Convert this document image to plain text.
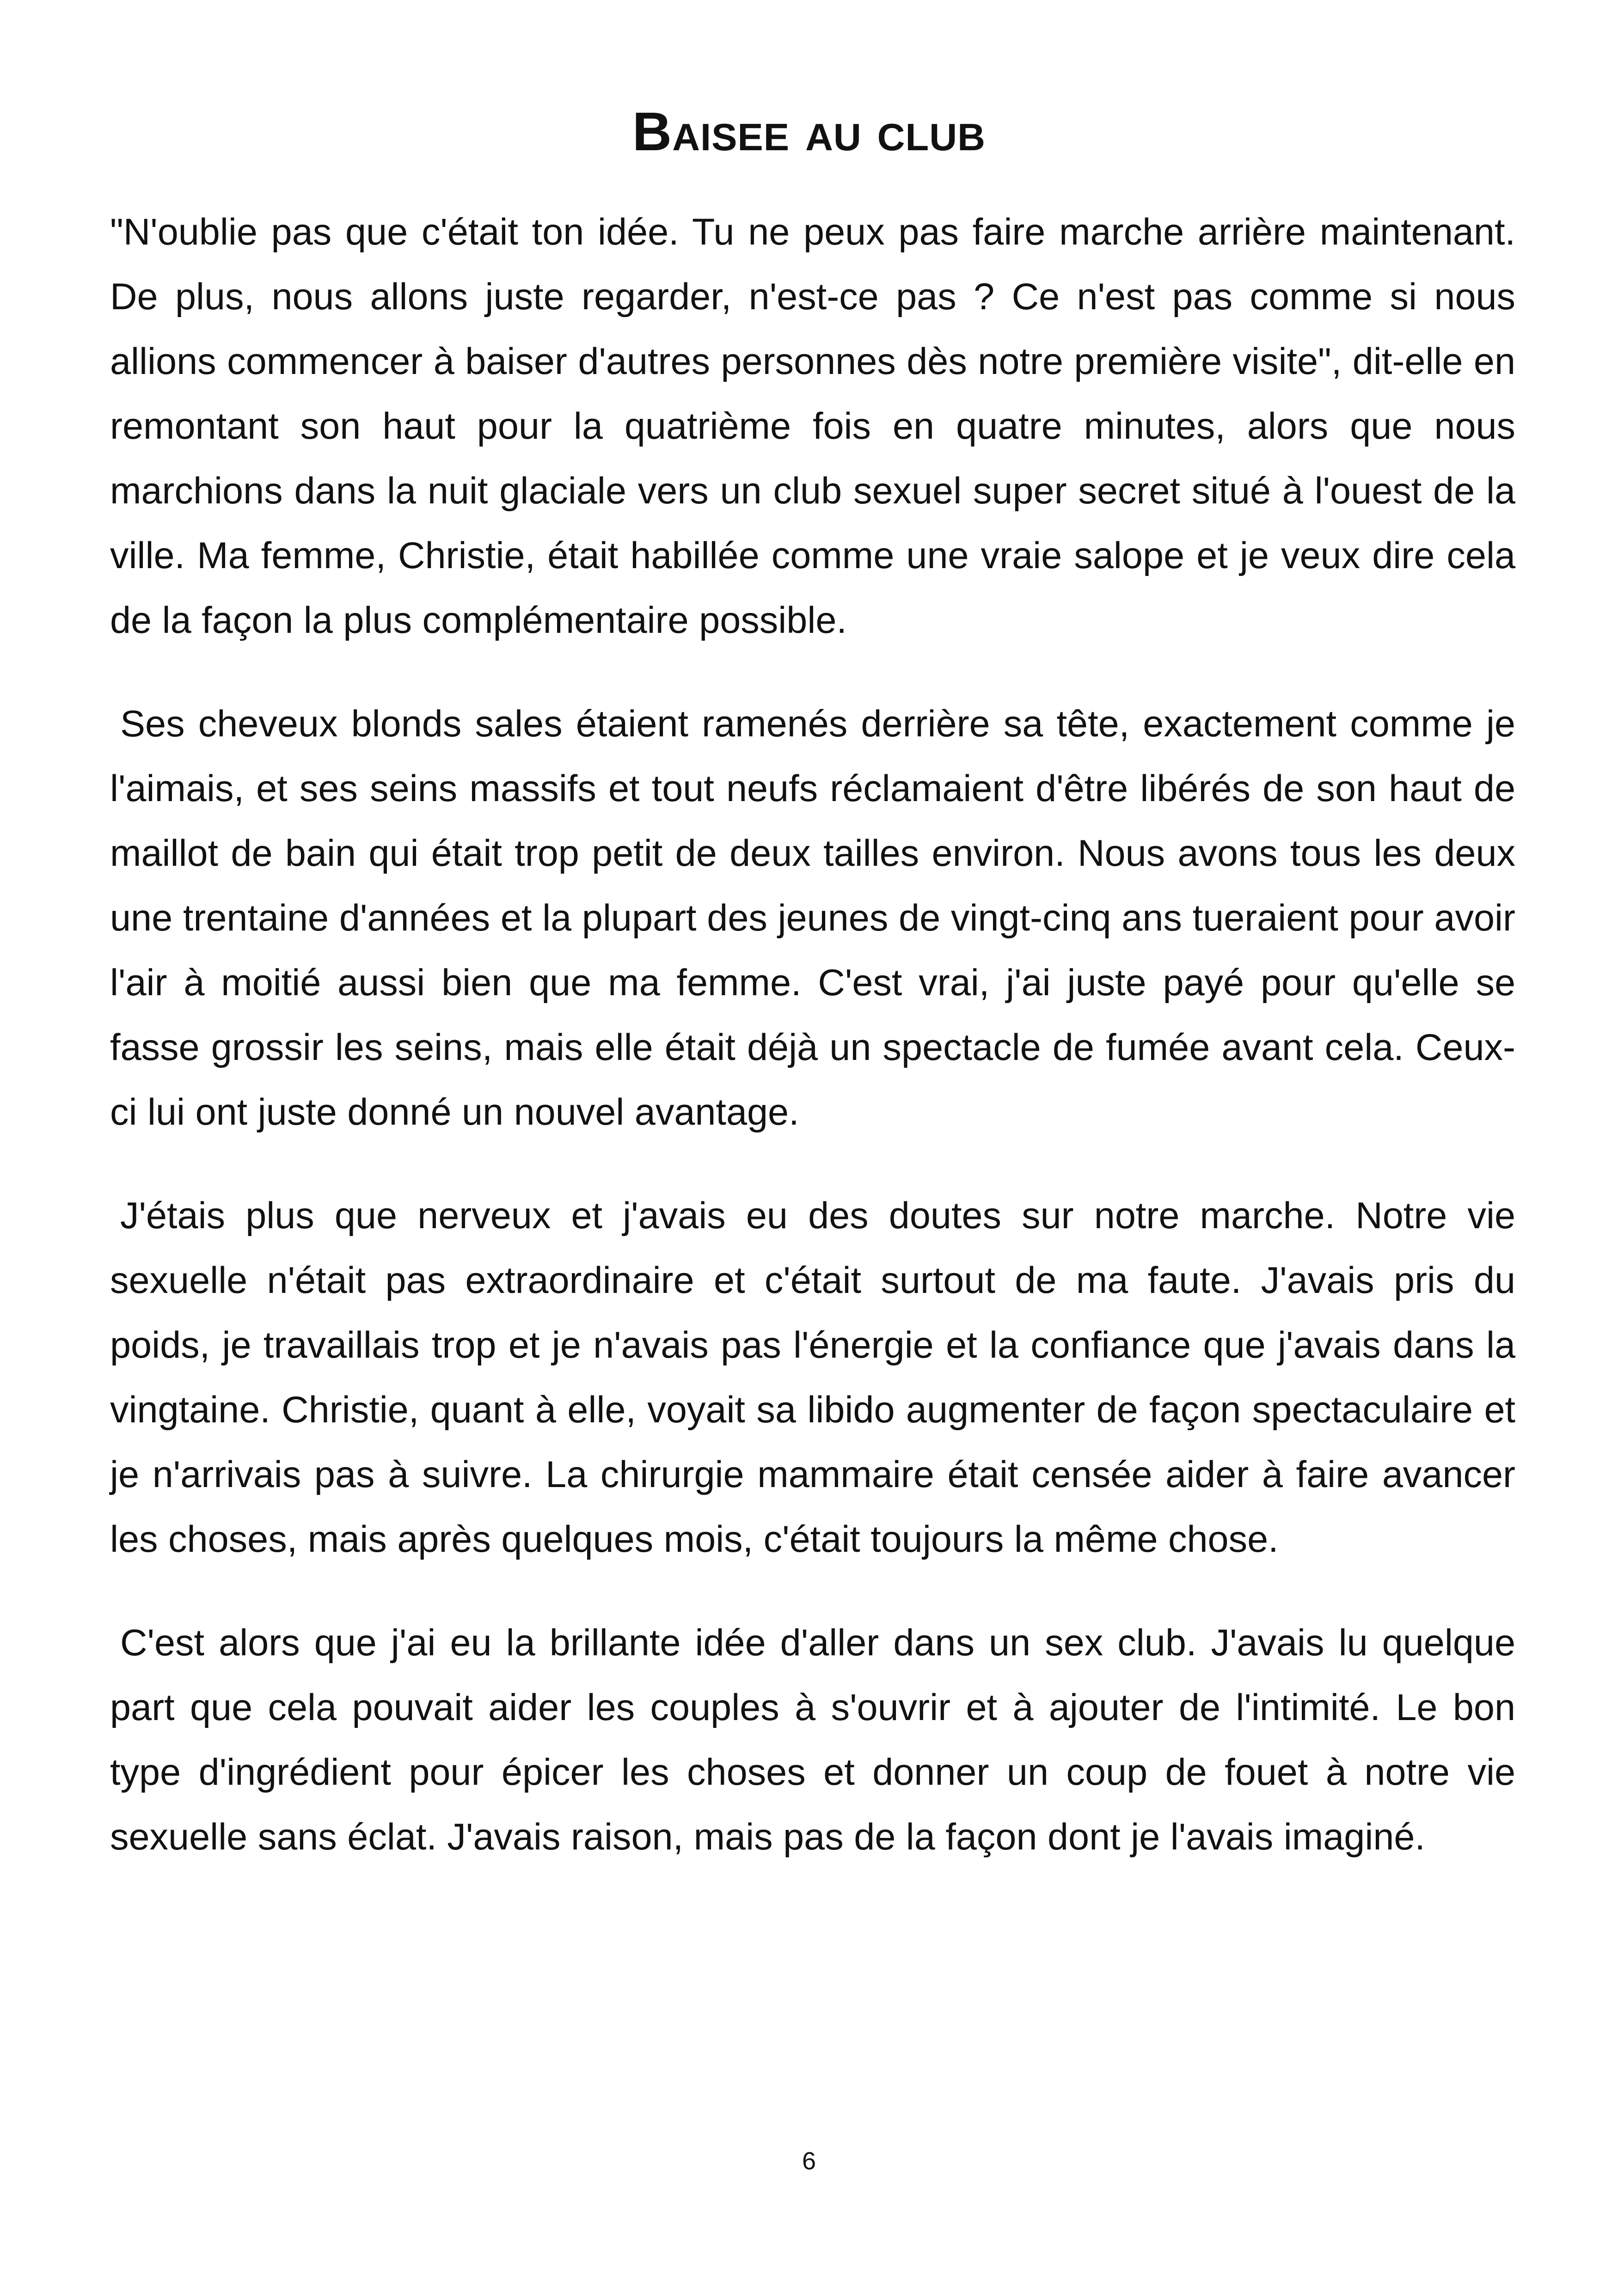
Baisee au club

"N'oublie pas que c'était ton idée. Tu ne peux pas faire marche arrière maintenant. De plus, nous allons juste regarder, n'est-ce pas ? Ce n'est pas comme si nous allions commencer à baiser d'autres personnes dès notre première visite", dit-elle en remontant son haut pour la quatrième fois en quatre minutes, alors que nous marchions dans la nuit glaciale vers un club sexuel super secret situé à l'ouest de la ville. Ma femme, Christie, était habillée comme une vraie salope et je veux dire cela de la façon la plus complémentaire possible.

Ses cheveux blonds sales étaient ramenés derrière sa tête, exactement comme je l'aimais, et ses seins massifs et tout neufs réclamaient d'être libérés de son haut de maillot de bain qui était trop petit de deux tailles environ. Nous avons tous les deux une trentaine d'années et la plupart des jeunes de vingt-cinq ans tueraient pour avoir l'air à moitié aussi bien que ma femme. C'est vrai, j'ai juste payé pour qu'elle se fasse grossir les seins, mais elle était déjà un spectacle de fumée avant cela. Ceux-ci lui ont juste donné un nouvel avantage.

J'étais plus que nerveux et j'avais eu des doutes sur notre marche. Notre vie sexuelle n'était pas extraordinaire et c'était surtout de ma faute. J'avais pris du poids, je travaillais trop et je n'avais pas l'énergie et la confiance que j'avais dans la vingtaine. Christie, quant à elle, voyait sa libido augmenter de façon spectaculaire et je n'arrivais pas à suivre. La chirurgie mammaire était censée aider à faire avancer les choses, mais après quelques mois, c'était toujours la même chose.

C'est alors que j'ai eu la brillante idée d'aller dans un sex club. J'avais lu quelque part que cela pouvait aider les couples à s'ouvrir et à ajouter de l'intimité. Le bon type d'ingrédient pour épicer les choses et donner un coup de fouet à notre vie sexuelle sans éclat. J'avais raison, mais pas de la façon dont je l'avais imaginé.

6
